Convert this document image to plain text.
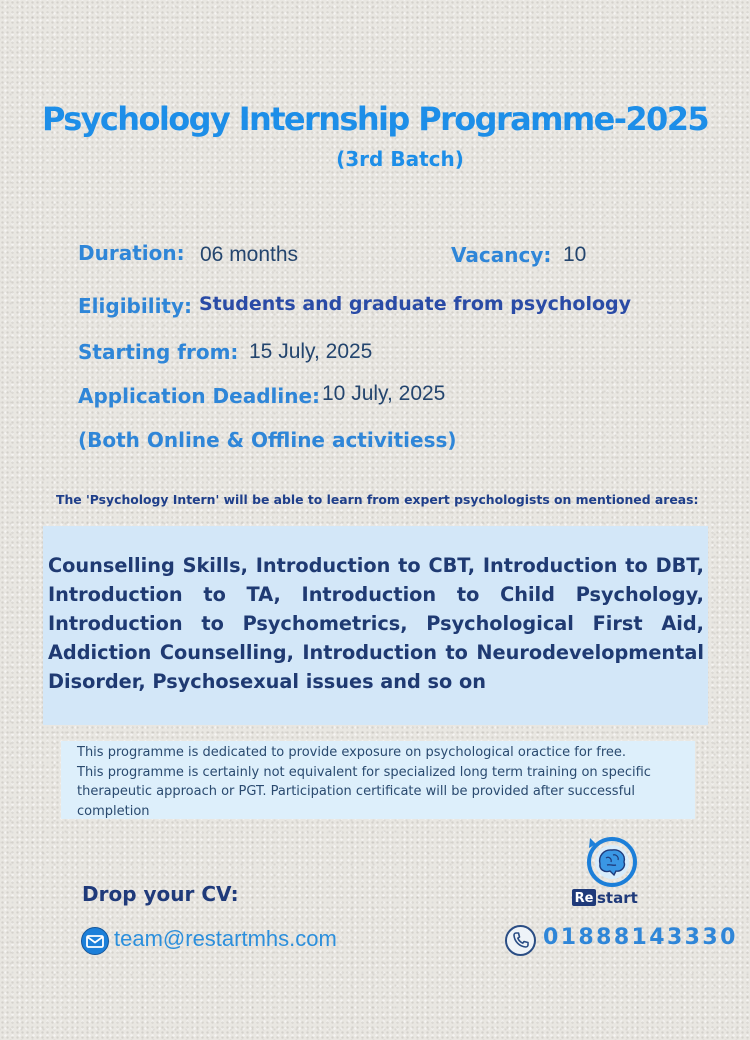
Psychology Internship Programme-2025
(3rd Batch)
Duration: 06 months	Vacancy: 10
Eligibility: Students and graduate from psychology
Starting from: 15 July, 2025
Application Deadline: 10 July, 2025
(Both Online & Offline activitiess)
The 'Psychology Intern' will be able to learn from expert psychologists on mentioned areas:
Counselling Skills, Introduction to CBT, Introduction to DBT, Introduction to TA, Introduction to Child Psychology, Introduction to Psychometrics, Psychological First Aid, Addiction Counselling, Introduction to Neurodevelopmental Disorder, Psychosexual issues and so on
This programme is dedicated to provide exposure on psychological oractice for free.
This programme is certainly not equivalent for specialized long term training on specific therapeutic approach or PGT. Participation certificate will be provided after successful completion
Drop your CV:
team@restartmhs.com	01888143330
Re start
